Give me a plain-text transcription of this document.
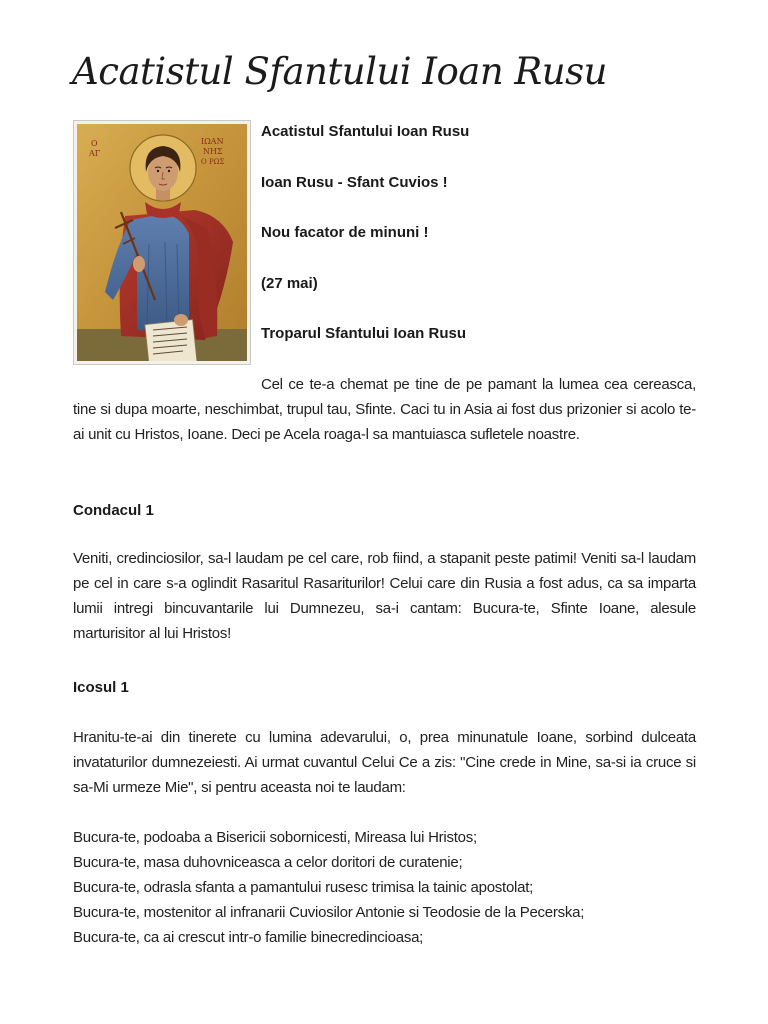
Acatistul Sfantului Ioan Rusu
Ο
ΑΓ
ΙΩΑΝ
ΝΗΣ
Ο ΡΩΣ

Acatistul Sfantului Ioan Rusu

Ioan Rusu - Sfant Cuvios !

Nou facator de minuni !

(27 mai)

Troparul Sfantului Ioan Rusu

Cel ce te-a chemat pe tine de pe pamant la lumea cea cereasca, tine si dupa moarte, neschimbat, trupul tau, Sfinte. Caci tu in Asia ai fost dus prizonier si acolo te-ai unit cu Hristos, Ioane. Deci pe Acela roaga-l sa mantuiasca sufletele noastre.

Condacul 1

Veniti, credinciosilor, sa-l laudam pe cel care, rob fiind, a stapanit peste patimi! Veniti sa-l laudam pe cel in care s-a oglindit Rasaritul Rasariturilor! Celui care din Rusia a fost adus, ca sa imparta lumii intregi bincuvantarile lui Dumnezeu, sa-i cantam: Bucura-te, Sfinte Ioane, alesule marturisitor al lui Hristos!

Icosul 1

Hranitu-te-ai din tinerete cu lumina adevarului, o, prea minunatule Ioane, sorbind dulceata invataturilor dumnezeiesti. Ai urmat cuvantul Celui Ce a zis: "Cine crede in Mine, sa-si ia cruce si sa-Mi urmeze Mie", si pentru aceasta noi te laudam:

Bucura-te, podoaba a Bisericii sobornicesti, Mireasa lui Hristos;
Bucura-te, masa duhovniceasca a celor doritori de curatenie;
Bucura-te, odrasla sfanta a pamantului rusesc trimisa la tainic apostolat;
Bucura-te, mostenitor al infranarii Cuviosilor Antonie si Teodosie de la Pecerska;
Bucura-te, ca ai crescut intr-o familie binecredincioasa;
